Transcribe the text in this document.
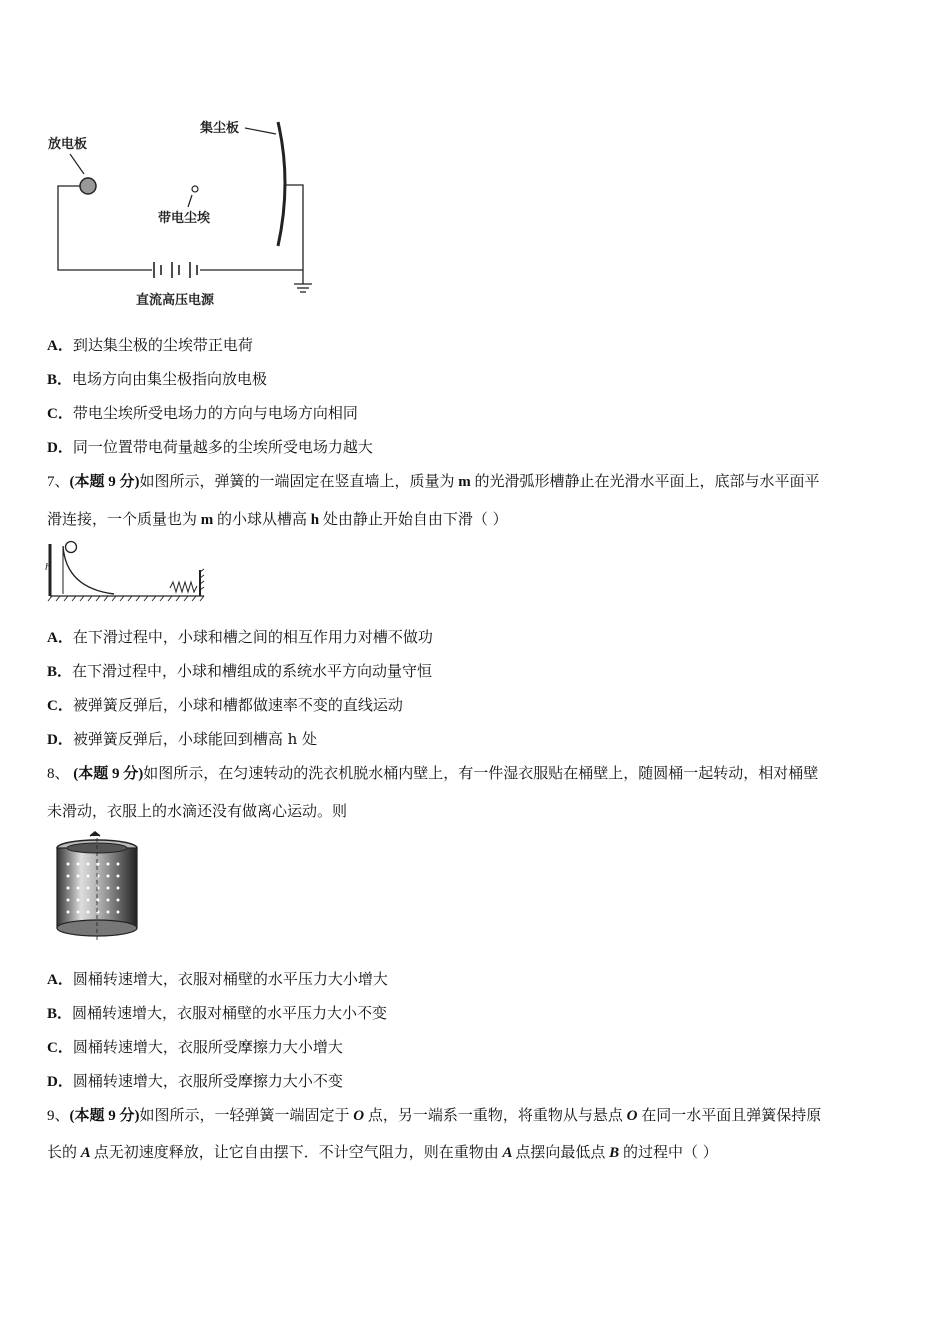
放电板
集尘板
带电尘埃
直流高压电源
A．到达集尘极的尘埃带正电荷
B．电场方向由集尘极指向放电极
C．带电尘埃所受电场力的方向与电场方向相同
D．同一位置带电荷量越多的尘埃所受电场力越大
7、(本题 9 分)如图所示，弹簧的一端固定在竖直墙上，质量为 m 的光滑弧形槽静止在光滑水平面上，底部与水平面平
滑连接，一个质量也为 m 的小球从槽高 h 处由静止开始自由下滑（ ）
h
A．在下滑过程中，小球和槽之间的相互作用力对槽不做功
B．在下滑过程中，小球和槽组成的系统水平方向动量守恒
C．被弹簧反弹后，小球和槽都做速率不变的直线运动
D．被弹簧反弹后，小球能回到槽高 h 处
8、 (本题 9 分)如图所示，在匀速转动的洗衣机脱水桶内壁上，有一件湿衣服贴在桶壁上，随圆桶一起转动，相对桶壁
未滑动，衣服上的水滴还没有做离心运动。则
A．圆桶转速增大，衣服对桶壁的水平压力大小增大
B．圆桶转速增大，衣服对桶壁的水平压力大小不变
C．圆桶转速增大，衣服所受摩擦力大小增大
D．圆桶转速增大，衣服所受摩擦力大小不变
9、(本题 9 分)如图所示，一轻弹簧一端固定于 O 点，另一端系一重物，将重物从与悬点 O 在同一水平面且弹簧保持原
长的 A 点无初速度释放，让它自由摆下．不计空气阻力，则在重物由 A 点摆向最低点 B 的过程中（ ）
